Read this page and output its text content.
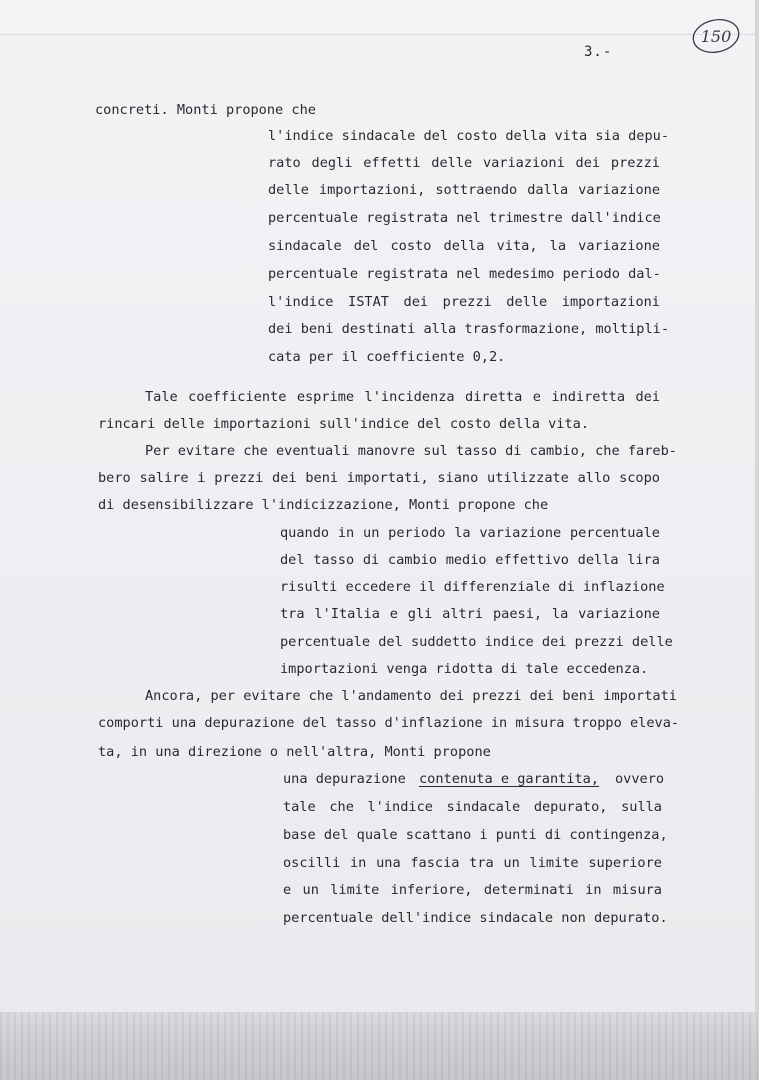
3.-
150
concreti. Monti propone che
l'indice sindacale del costo della vita sia depu-
rato degli effetti delle variazioni dei prezzi
delle importazioni, sottraendo dalla variazione
percentuale registrata nel trimestre dall'indice
sindacale del costo della vita, la variazione
percentuale registrata nel medesimo periodo dal-
l'indice ISTAT dei prezzi delle importazioni
dei beni destinati alla trasformazione, moltipli-
cata per il coefficiente 0,2.
Tale coefficiente esprime l'incidenza diretta e indiretta dei
rincari delle importazioni sull'indice del costo della vita.
Per evitare che eventuali manovre sul tasso di cambio, che fareb-
bero salire i prezzi dei beni importati, siano utilizzate allo scopo
di desensibilizzare l'indicizzazione, Monti propone che
quando in un periodo la variazione percentuale
del tasso di cambio medio effettivo della lira
risulti eccedere il differenziale di inflazione
tra l'Italia e gli altri paesi, la variazione
percentuale del suddetto indice dei prezzi delle
importazioni venga ridotta di tale eccedenza.
Ancora, per evitare che l'andamento dei prezzi dei beni importati
comporti una depurazione del tasso d'inflazione in misura troppo eleva-
ta, in una direzione o nell'altra, Monti propone
una depurazione contenuta e garantita, ovvero
tale che l'indice sindacale depurato, sulla
base del quale scattano i punti di contingenza,
oscilli in una fascia tra un limite superiore
e un limite inferiore, determinati in misura
percentuale dell'indice sindacale non depurato.
